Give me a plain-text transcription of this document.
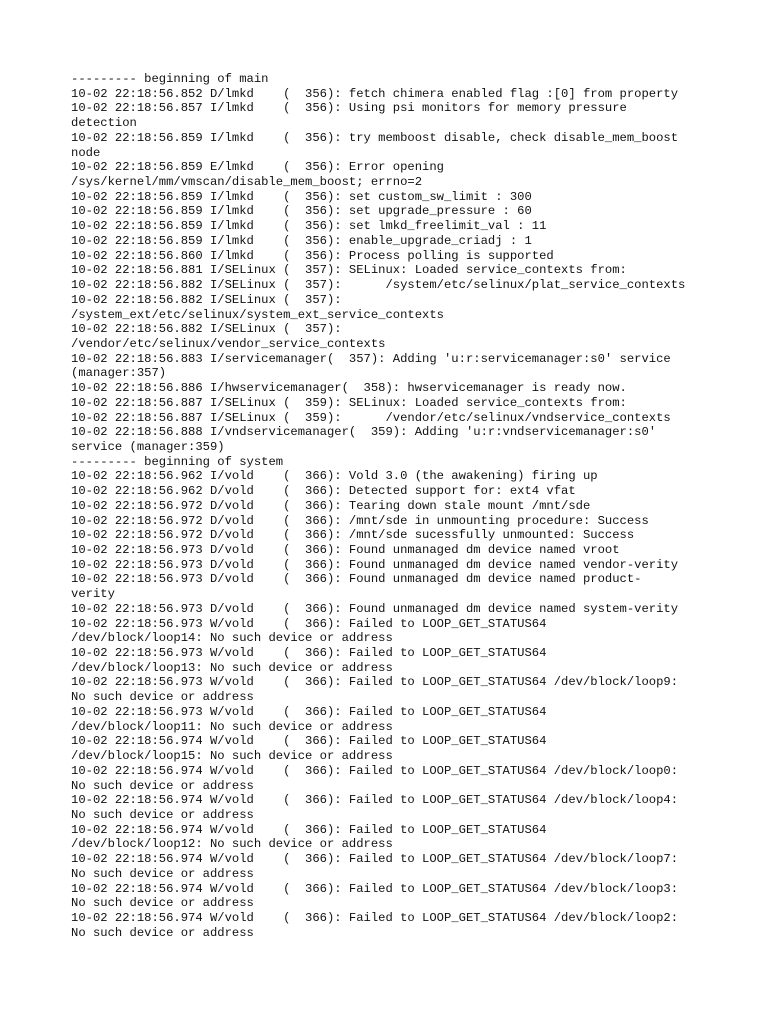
--------- beginning of main
10-02 22:18:56.852 D/lmkd    (  356): fetch chimera enabled flag :[0] from property
10-02 22:18:56.857 I/lmkd    (  356): Using psi monitors for memory pressure
detection
10-02 22:18:56.859 I/lmkd    (  356): try memboost disable, check disable_mem_boost
node
10-02 22:18:56.859 E/lmkd    (  356): Error opening
/sys/kernel/mm/vmscan/disable_mem_boost; errno=2
10-02 22:18:56.859 I/lmkd    (  356): set custom_sw_limit : 300
10-02 22:18:56.859 I/lmkd    (  356): set upgrade_pressure : 60
10-02 22:18:56.859 I/lmkd    (  356): set lmkd_freelimit_val : 11
10-02 22:18:56.859 I/lmkd    (  356): enable_upgrade_criadj : 1
10-02 22:18:56.860 I/lmkd    (  356): Process polling is supported
10-02 22:18:56.881 I/SELinux (  357): SELinux: Loaded service_contexts from:
10-02 22:18:56.882 I/SELinux (  357):      /system/etc/selinux/plat_service_contexts
10-02 22:18:56.882 I/SELinux (  357):
/system_ext/etc/selinux/system_ext_service_contexts
10-02 22:18:56.882 I/SELinux (  357):
/vendor/etc/selinux/vendor_service_contexts
10-02 22:18:56.883 I/servicemanager(  357): Adding 'u:r:servicemanager:s0' service
(manager:357)
10-02 22:18:56.886 I/hwservicemanager(  358): hwservicemanager is ready now.
10-02 22:18:56.887 I/SELinux (  359): SELinux: Loaded service_contexts from:
10-02 22:18:56.887 I/SELinux (  359):      /vendor/etc/selinux/vndservice_contexts
10-02 22:18:56.888 I/vndservicemanager(  359): Adding 'u:r:vndservicemanager:s0'
service (manager:359)
--------- beginning of system
10-02 22:18:56.962 I/vold    (  366): Vold 3.0 (the awakening) firing up
10-02 22:18:56.962 D/vold    (  366): Detected support for: ext4 vfat
10-02 22:18:56.972 D/vold    (  366): Tearing down stale mount /mnt/sde
10-02 22:18:56.972 D/vold    (  366): /mnt/sde in unmounting procedure: Success
10-02 22:18:56.972 D/vold    (  366): /mnt/sde sucessfully unmounted: Success
10-02 22:18:56.973 D/vold    (  366): Found unmanaged dm device named vroot
10-02 22:18:56.973 D/vold    (  366): Found unmanaged dm device named vendor-verity
10-02 22:18:56.973 D/vold    (  366): Found unmanaged dm device named product-
verity
10-02 22:18:56.973 D/vold    (  366): Found unmanaged dm device named system-verity
10-02 22:18:56.973 W/vold    (  366): Failed to LOOP_GET_STATUS64
/dev/block/loop14: No such device or address
10-02 22:18:56.973 W/vold    (  366): Failed to LOOP_GET_STATUS64
/dev/block/loop13: No such device or address
10-02 22:18:56.973 W/vold    (  366): Failed to LOOP_GET_STATUS64 /dev/block/loop9:
No such device or address
10-02 22:18:56.973 W/vold    (  366): Failed to LOOP_GET_STATUS64
/dev/block/loop11: No such device or address
10-02 22:18:56.974 W/vold    (  366): Failed to LOOP_GET_STATUS64
/dev/block/loop15: No such device or address
10-02 22:18:56.974 W/vold    (  366): Failed to LOOP_GET_STATUS64 /dev/block/loop0:
No such device or address
10-02 22:18:56.974 W/vold    (  366): Failed to LOOP_GET_STATUS64 /dev/block/loop4:
No such device or address
10-02 22:18:56.974 W/vold    (  366): Failed to LOOP_GET_STATUS64
/dev/block/loop12: No such device or address
10-02 22:18:56.974 W/vold    (  366): Failed to LOOP_GET_STATUS64 /dev/block/loop7:
No such device or address
10-02 22:18:56.974 W/vold    (  366): Failed to LOOP_GET_STATUS64 /dev/block/loop3:
No such device or address
10-02 22:18:56.974 W/vold    (  366): Failed to LOOP_GET_STATUS64 /dev/block/loop2:
No such device or address
